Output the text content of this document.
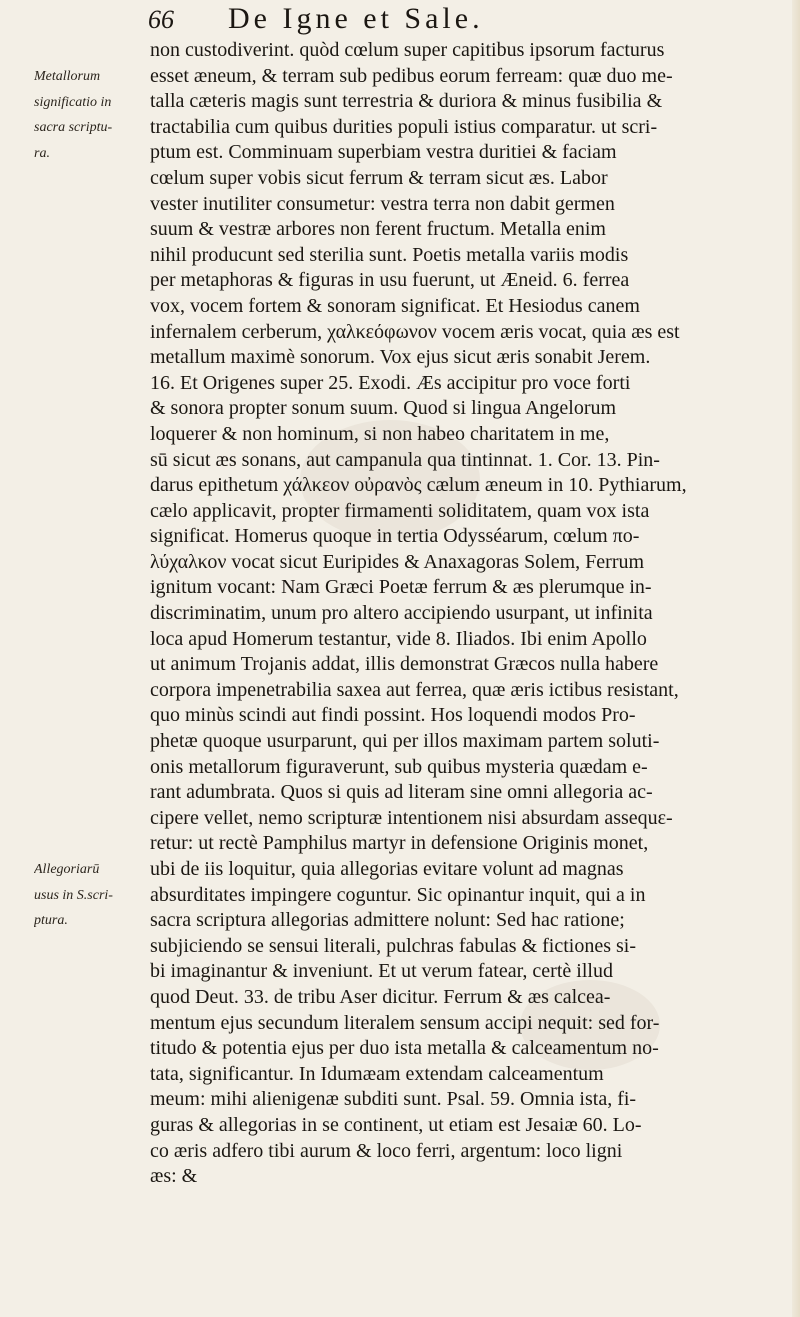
66	De Igne et Sale.
Metallorum
significatio in
sacra scriptu-
ra.
Allegoriarū
usus in S.scri-
ptura.
non custodiverint. quòd cœlum super capitibus ipsorum facturus
esset æneum, & terram sub pedibus eorum ferream: quæ duo me-
talla cæteris magis sunt terrestria & duriora & minus fusibilia &
tractabilia cum quibus durities populi istius comparatur. ut scri-
ptum est. Comminuam superbiam vestra duritiei & faciam
cœlum super vobis sicut ferrum & terram sicut æs. Labor
vester inutiliter consumetur: vestra terra non dabit germen
suum & vestræ arbores non ferent fructum. Metalla enim
nihil producunt sed sterilia sunt. Poetis metalla variis modis
per metaphoras & figuras in usu fuerunt, ut Æneid. 6. ferrea
vox, vocem fortem & sonoram significat. Et Hesiodus canem
infernalem cerberum, χαλκεόφωνον vocem æris vocat, quia æs est
metallum maximè sonorum. Vox ejus sicut æris sonabit Jerem.
16. Et Origenes super 25. Exodi. Æs accipitur pro voce forti
& sonora propter sonum suum. Quod si lingua Angelorum
loquerer & non hominum, si non habeo charitatem in me,
sū sicut æs sonans, aut campanula qua tintinnat. 1. Cor. 13. Pin-
darus epithetum χάλκεον οὐρανὸς cælum æneum in 10. Pythiarum,
cælo applicavit, propter firmamenti soliditatem, quam vox ista
significat. Homerus quoque in tertia Odysséarum, cœlum πο-
λύχαλκον vocat sicut Euripides & Anaxagoras Solem, Ferrum
ignitum vocant: Nam Græci Poetæ ferrum & æs plerumque in-
discriminatim, unum pro altero accipiendo usurpant, ut infinita
loca apud Homerum testantur, vide 8. Iliados. Ibi enim Apollo
ut animum Trojanis addat, illis demonstrat Græcos nulla habere
corpora impenetrabilia saxea aut ferrea, quæ æris ictibus resistant,
quo minùs scindi aut findi possint. Hos loquendi modos Pro-
phetæ quoque usurparunt, qui per illos maximam partem soluti-
onis metallorum figuraverunt, sub quibus mysteria quædam e-
rant adumbrata. Quos si quis ad literam sine omni allegoria ac-
cipere vellet, nemo scripturæ intentionem nisi absurdam assequε-
retur: ut rectè Pamphilus martyr in defensione Originis monet,
ubi de iis loquitur, quia allegorias evitare volunt ad magnas
absurditates impingere coguntur. Sic opinantur inquit, qui a in
sacra scriptura allegorias admittere nolunt: Sed hac ratione;
subjiciendo se sensui literali, pulchras fabulas & fictiones si-
bi imaginantur & inveniunt. Et ut verum fatear, certè illud
quod Deut. 33. de tribu Aser dicitur. Ferrum & æs calcea-
mentum ejus secundum literalem sensum accipi nequit: sed for-
titudo & potentia ejus per duo ista metalla & calceamentum no-
tata, significantur. In Idumæam extendam calceamentum
meum: mihi alienigenæ subditi sunt. Psal. 59. Omnia ista, fi-
guras & allegorias in se continent, ut etiam est Jesaiæ 60. Lo-
co æris adfero tibi aurum & loco ferri, argentum: loco ligni
æs: &
